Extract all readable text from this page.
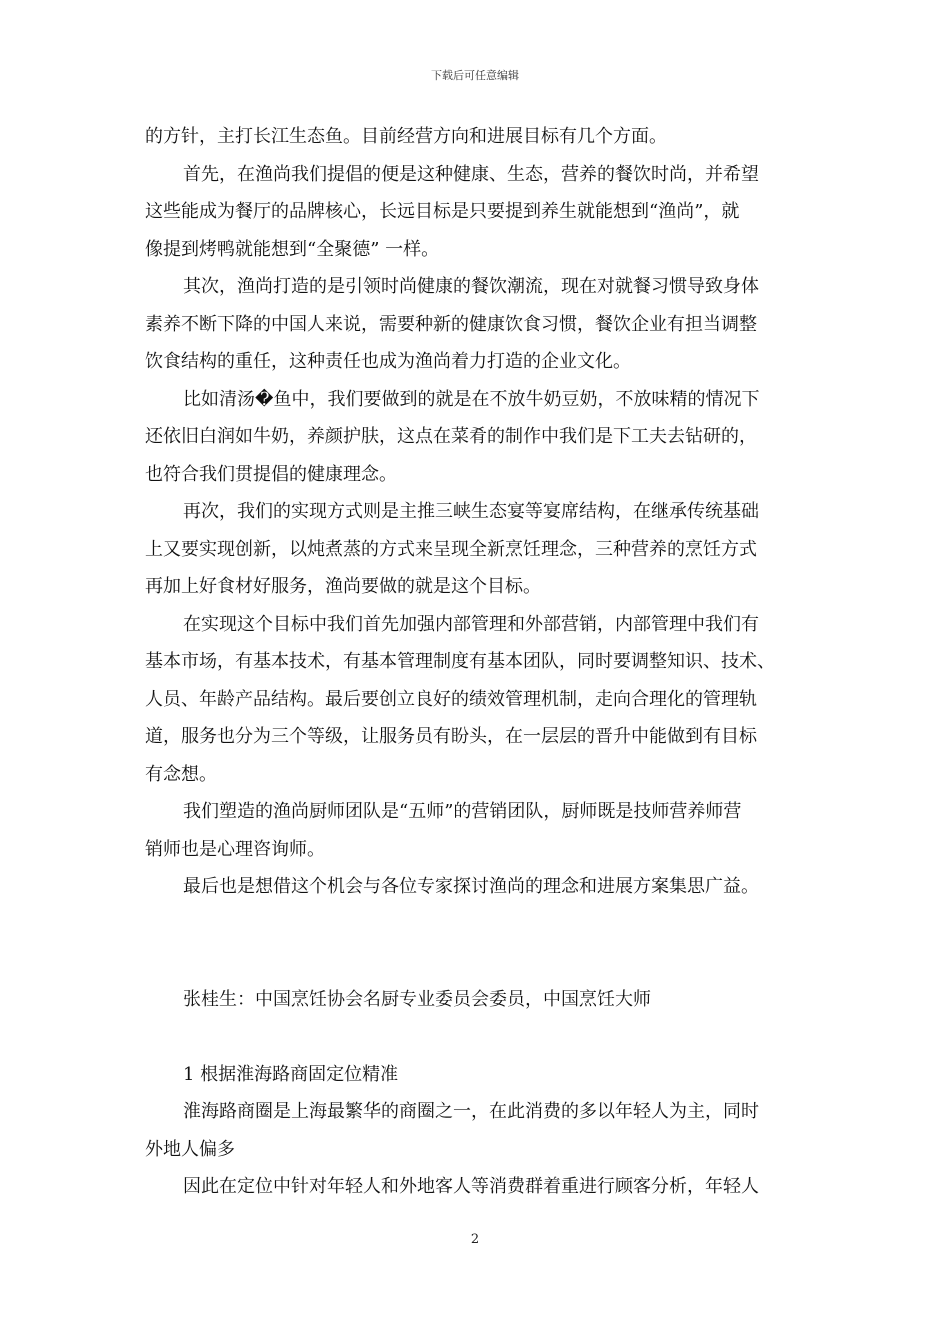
下载后可任意编辑
的方针，主打长江生态鱼。目前经营方向和进展目标有几个方面。
首先，在渔尚我们提倡的便是这种健康、生态，营养的餐饮时尚，并希望
这些能成为餐厅的品牌核心，长远目标是只要提到养生就能想到“渔尚”，就
像提到烤鸭就能想到“全聚德” 一样。
其次，渔尚打造的是引领时尚健康的餐饮潮流，现在对就餐习惯导致身体
素养不断下降的中国人来说，需要种新的健康饮食习惯，餐饮企业有担当调整
饮食结构的重任，这种责任也成为渔尚着力打造的企业文化。
比如清汤�鱼中，我们要做到的就是在不放牛奶豆奶，不放味精的情况下
还依旧白润如牛奶，养颜护肤，这点在菜肴的制作中我们是下工夫去钻研的，
也符合我们贯提倡的健康理念。
再次，我们的实现方式则是主推三峡生态宴等宴席结构，在继承传统基础
上又要实现创新，以炖煮蒸的方式来呈现全新烹饪理念，三种营养的烹饪方式
再加上好食材好服务，渔尚要做的就是这个目标。
在实现这个目标中我们首先加强内部管理和外部营销，内部管理中我们有
基本市场，有基本技术，有基本管理制度有基本团队，同时要调整知识、技术、
人员、年龄产品结构。最后要创立良好的绩效管理机制，走向合理化的管理轨
道，服务也分为三个等级，让服务员有盼头，在一层层的晋升中能做到有目标
有念想。
我们塑造的渔尚厨师团队是“五师”的营销团队，厨师既是技师营养师营
销师也是心理咨询师。
最后也是想借这个机会与各位专家探讨渔尚的理念和进展方案集思广益。
张桂生：中国烹饪协会名厨专业委员会委员，中国烹饪大师
1 根据淮海路商固定位精准
淮海路商圈是上海最繁华的商圈之一，在此消费的多以年轻人为主，同时
外地人偏多
因此在定位中针对年轻人和外地客人等消费群着重进行顾客分析，年轻人
2
